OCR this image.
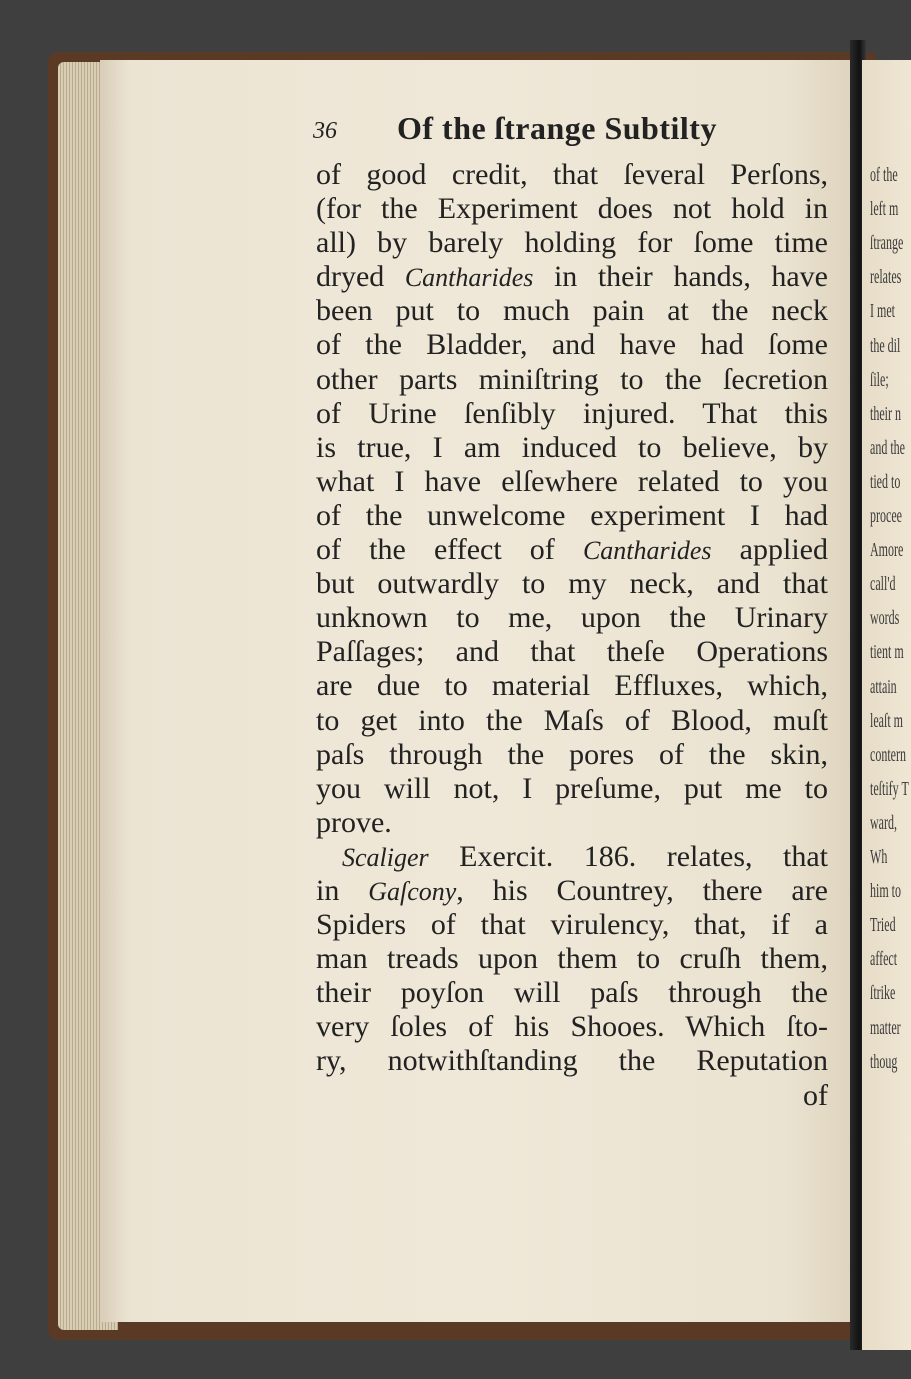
of the
left m
ſtrange
relates
I met
the dil
ſile;
their n
and the
tied to
procee
Amore
call'd
words
tient m
attain
leaſt m
contern
teſtify T
ward,
Wh
him to
Tried
affect
ſtrike
matter
thoug
36 Of the ſtrange Subtilty
of good credit, that ſeveral Perſons,
(for the Experiment does not hold in
all) by barely holding for ſome time
dryed Cantharides in their hands, have
been put to much pain at the neck
of the Bladder, and have had ſome
other parts miniſtring to the ſecretion
of Urine ſenſibly injured. That this
is true, I am induced to believe, by
what I have elſewhere related to you
of the unwelcome experiment I had
of the effect of Cantharides applied
but outwardly to my neck, and that
unknown to me, upon the Urinary
Paſſages; and that theſe Operations
are due to material Effluxes, which,
to get into the Maſs of Blood, muſt
paſs through the pores of the skin,
you will not, I preſume, put me to
prove.
Scaliger Exercit. 186. relates, that
in Gaſcony, his Countrey, there are
Spiders of that virulency, that, if a
man treads upon them to cruſh them,
their poyſon will paſs through the
very ſoles of his Shooes. Which ſto-
ry, notwithſtanding the Reputation
of
